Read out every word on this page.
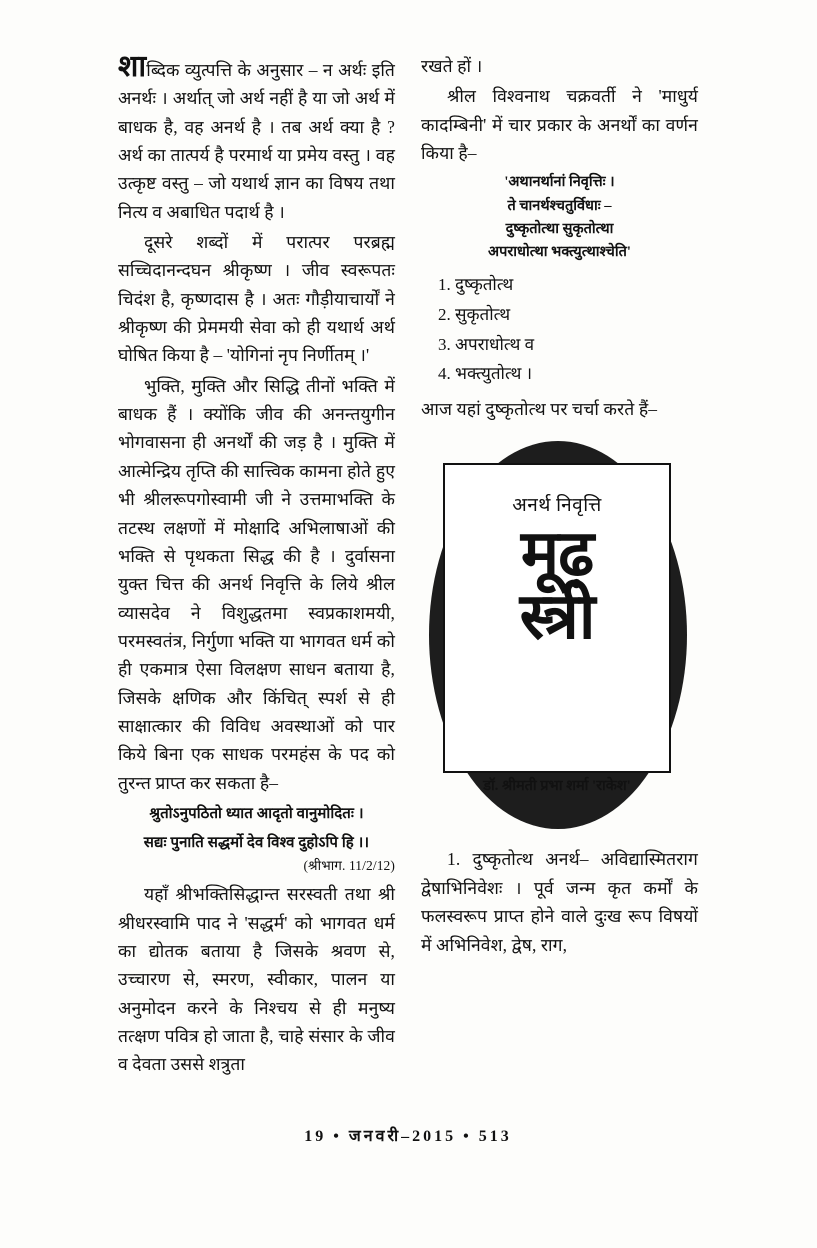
शाब्दिक व्युत्पत्ति के अनुसार – न अर्थः इति अनर्थः । अर्थात् जो अर्थ नहीं है या जो अर्थ में बाधक है, वह अनर्थ है । तब अर्थ क्या है ? अर्थ का तात्पर्य है परमार्थ या प्रमेय वस्तु । वह उत्कृष्ट वस्तु – जो यथार्थ ज्ञान का विषय तथा नित्य व अबाधित पदार्थ है ।

दूसरे शब्दों में परात्पर परब्रह्म सच्चिदानन्दघन श्रीकृष्ण । जीव स्वरूपतः चिदंश है, कृष्णदास है । अतः गौड़ीयाचार्यों ने श्रीकृष्ण की प्रेममयी सेवा को ही यथार्थ अर्थ घोषित किया है – 'योगिनां नृप निर्णीतम् ।'

भुक्ति, मुक्ति और सिद्धि तीनों भक्ति में बाधक हैं । क्योंकि जीव की अनन्तयुगीन भोगवासना ही अनर्थों की जड़ है । मुक्ति में आत्मेन्द्रिय तृप्ति की सात्त्विक कामना होते हुए भी श्रीलरूपगोस्वामी जी ने उत्तमाभक्ति के तटस्थ लक्षणों में मोक्षादि अभिलाषाओं की भक्ति से पृथकता सिद्ध की है । दुर्वासना युक्त चित्त की अनर्थ निवृत्ति के लिये श्रील व्यासदेव ने विशुद्धतमा स्वप्रकाशमयी, परमस्वतंत्र, निर्गुणा भक्ति या भागवत धर्म को ही एकमात्र ऐसा विलक्षण साधन बताया है, जिसके क्षणिक और किंचित् स्पर्श से ही साक्षात्कार की विविध अवस्थाओं को पार किये बिना एक साधक परमहंस के पद को तुरन्त प्राप्त कर सकता है–

श्रुतोऽनुपठितो ध्यात आदृतो वानुमोदितः ।

सद्यः पुनाति सद्धर्मो देव विश्व दुहोऽपि हि ।।

(श्रीभाग. 11/2/12)

यहाँ श्रीभक्तिसिद्धान्त सरस्वती तथा श्री श्रीधरस्वामि पाद ने 'सद्धर्म' को भागवत धर्म का द्योतक बताया है जिसके श्रवण से, उच्चारण से, स्मरण, स्वीकार, पालन या अनुमोदन करने के निश्चय से ही मनुष्य तत्क्षण पवित्र हो जाता है, चाहे संसार के जीव व देवता उससे शत्रुता

रखते हों ।

श्रील विश्वनाथ चक्रवर्ती ने 'माधुर्य कादम्बिनी' में चार प्रकार के अनर्थों का वर्णन किया है–

'अथानर्थानां निवृत्तिः ।
ते चानर्थश्चतुर्विधाः –
दुष्कृतोत्था सुकृतोत्था
अपराधोत्था भक्त्युत्थाश्चेति'
1. दुष्कृतोत्थ
2. सुकृतोत्थ
3. अपराधोत्थ व
4. भक्त्युतोत्थ ।

आज यहां दुष्कृतोत्थ पर चर्चा करते हैं–

अनर्थ निवृत्ति
मूढ़
स्त्री
डॉ. श्रीमती प्रभा शर्मा 'राकेश'

1. दुष्कृतोत्थ अनर्थ– अविद्यास्मितराग द्वेषाभिनिवेशः । पूर्व जन्म कृत कर्मों के फलस्वरूप प्राप्त होने वाले दुःख रूप विषयों में अभिनिवेश, द्वेष, राग,

19 • जनवरी–2015 • 513
